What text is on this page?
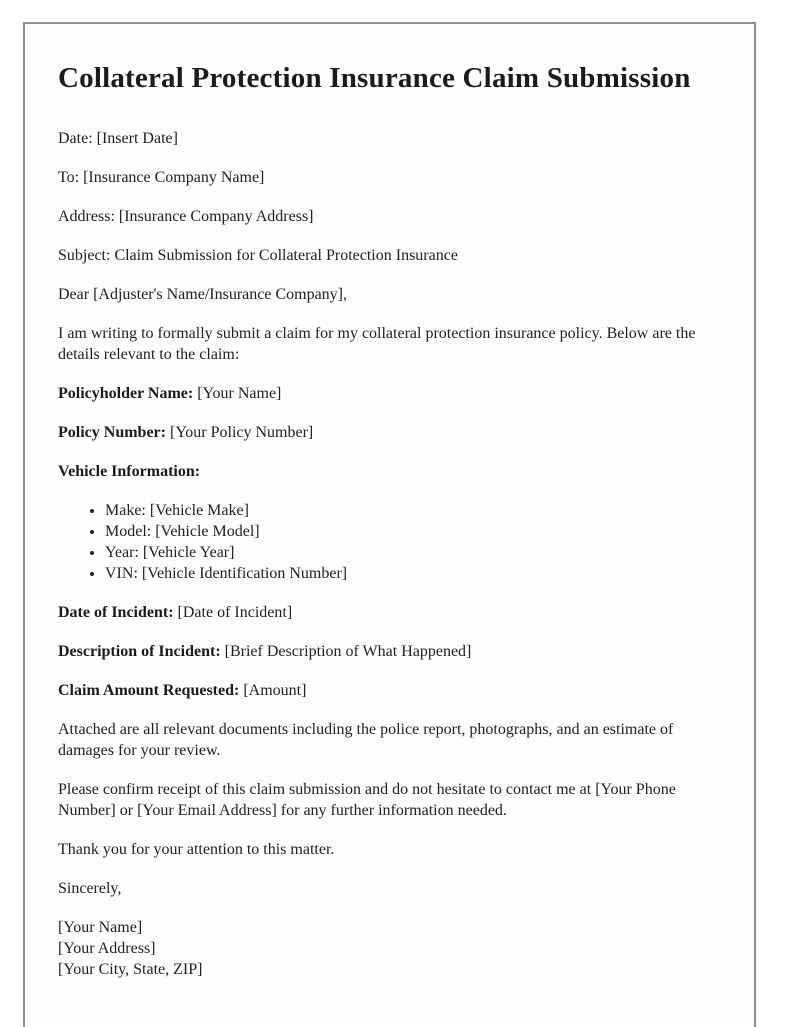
Collateral Protection Insurance Claim Submission

Date: [Insert Date]

To: [Insurance Company Name]

Address: [Insurance Company Address]

Subject: Claim Submission for Collateral Protection Insurance

Dear [Adjuster's Name/Insurance Company],

I am writing to formally submit a claim for my collateral protection insurance policy. Below are the details relevant to the claim:

Policyholder Name: [Your Name]

Policy Number: [Your Policy Number]

Vehicle Information:

• Make: [Vehicle Make]
• Model: [Vehicle Model]
• Year: [Vehicle Year]
• VIN: [Vehicle Identification Number]

Date of Incident: [Date of Incident]

Description of Incident: [Brief Description of What Happened]

Claim Amount Requested: [Amount]

Attached are all relevant documents including the police report, photographs, and an estimate of damages for your review.

Please confirm receipt of this claim submission and do not hesitate to contact me at [Your Phone Number] or [Your Email Address] for any further information needed.

Thank you for your attention to this matter.

Sincerely,

[Your Name]
[Your Address]
[Your City, State, ZIP]
